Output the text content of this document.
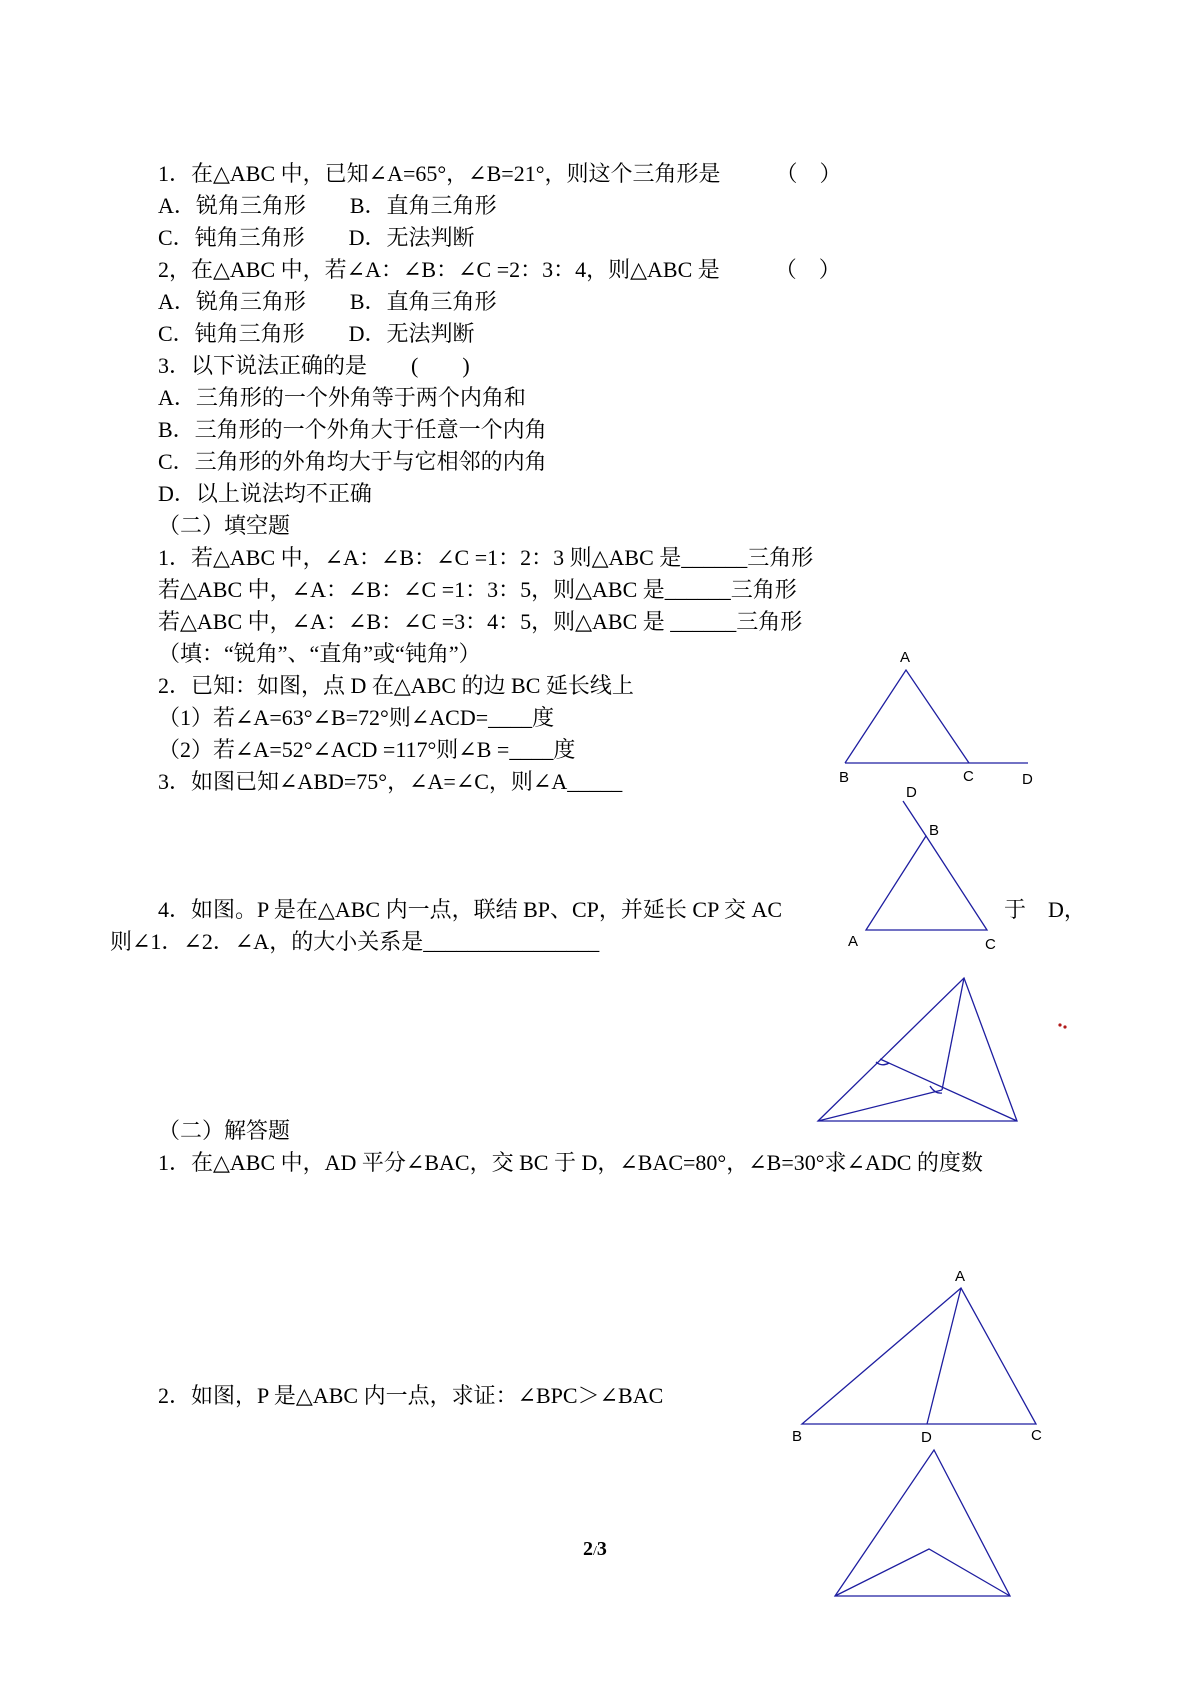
1．在△ABC 中，已知∠A=65°，∠B=21°，则这个三角形是　　　（　）
A．锐角三角形　　B．直角三角形
C．钝角三角形　　D．无法判断
2，在△ABC 中，若∠A：∠B：∠C =2：3：4，则△ABC 是　　　（　）
A．锐角三角形　　B．直角三角形
C．钝角三角形　　D．无法判断
3．以下说法正确的是　　(　　)
A．三角形的一个外角等于两个内角和
B．三角形的一个外角大于任意一个内角
C．三角形的外角均大于与它相邻的内角
D．以上说法均不正确
（二）填空题
1．若△ABC 中，∠A：∠B：∠C =1：2：3 则△ABC 是______三角形
若△ABC 中，∠A：∠B：∠C =1：3：5，则△ABC 是______三角形
若△ABC 中，∠A：∠B：∠C =3：4：5，则△ABC 是 ______三角形
（填：“锐角”、“直角”或“钝角”）
2．已知：如图，点 D 在△ABC 的边 BC 延长线上
（1）若∠A=63°∠B=72°则∠ACD=____度
（2）若∠A=52°∠ACD =117°则∠B =____度
3．如图已知∠ABD=75°，∠A=∠C，则∠A_____
4．如图。P 是在△ABC 内一点，联结 BP、CP，并延长 CP 交 AC	于　D，
则∠1．∠2．∠A，的大小关系是________________
（二）解答题
1．在△ABC 中，AD 平分∠BAC，交 BC 于 D，∠BAC=80°，∠B=30°求∠ADC 的度数
2．如图，P 是△ABC 内一点，求证：∠BPC＞∠BAC
A
B	C	D
D
B
A	C
A
B	D	C
2/3
